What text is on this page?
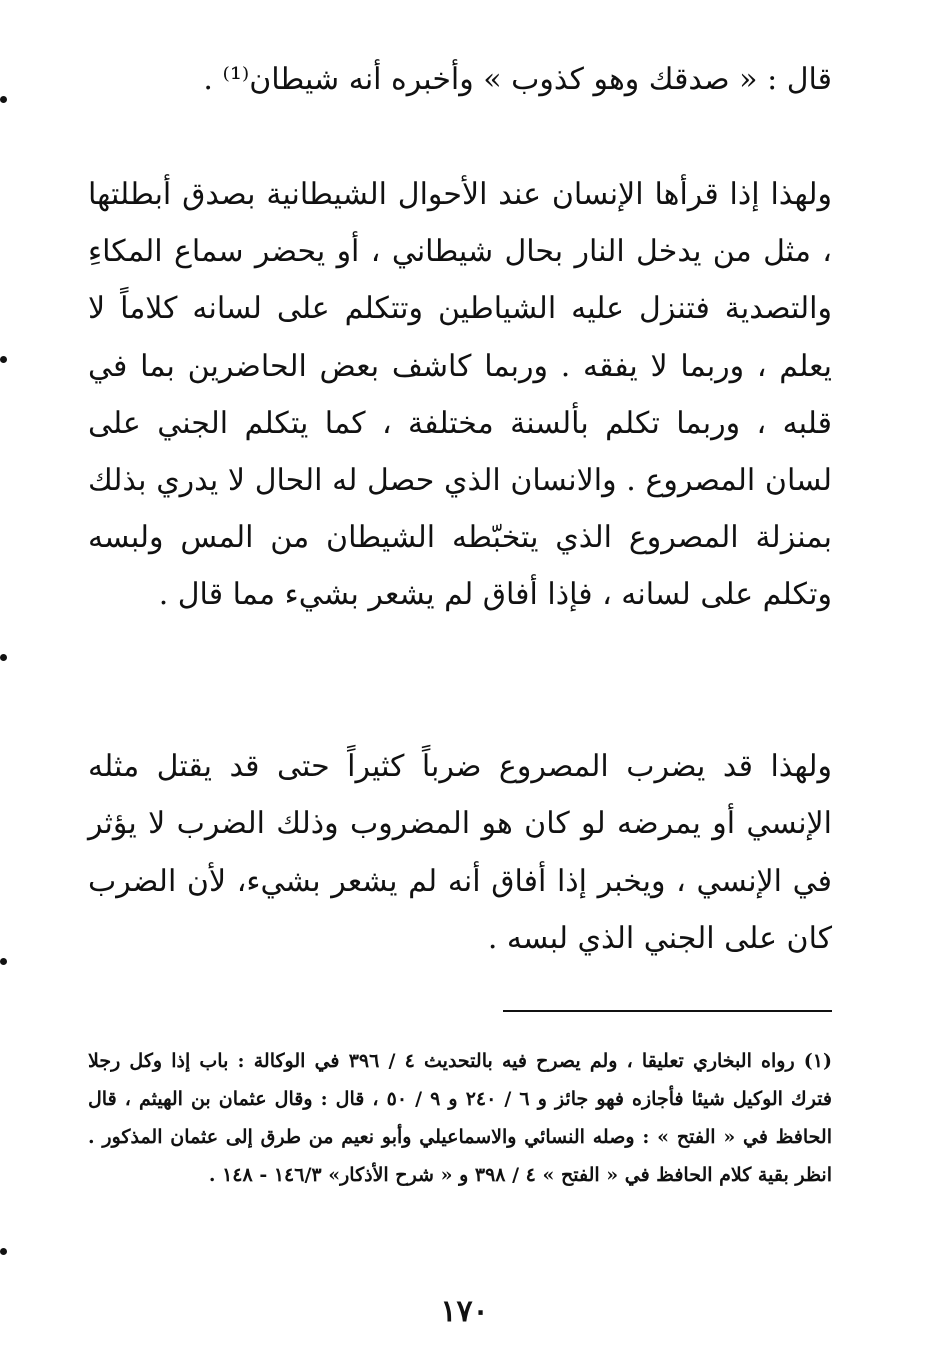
قال : « صدقك وهو كذوب » وأخبره أنه شيطان⁽¹⁾ .

ولهذا إذا قرأها الإنسان عند الأحوال الشيطانية بصدق أبطلتها ، مثل من يدخل النار بحال شيطاني ، أو يحضر سماع المكاءِ والتصدية فتنزل عليه الشياطين وتتكلم على لسانه كلاماً لا يعلم ، وربما لا يفقه . وربما كاشف بعض الحاضرين بما في قلبه ، وربما تكلم بألسنة مختلفة ، كما يتكلم الجني على لسان المصروع . والانسان الذي حصل له الحال لا يدري بذلك بمنزلة المصروع الذي يتخبّطه الشيطان من المس ولبسه وتكلم على لسانه ، فإذا أفاق لم يشعر بشيء مما قال .

ولهذا قد يضرب المصروع ضرباً كثيراً حتى قد يقتل مثله الإنسي أو يمرضه لو كان هو المضروب وذلك الضرب لا يؤثر في الإنسي ، ويخبر إذا أفاق أنه لم يشعر بشيء، لأن الضرب كان على الجني الذي لبسه .

(١) رواه البخاري تعليقا ، ولم يصرح فيه بالتحديث ٤ / ٣٩٦ في الوكالة : باب إذا وكل رجلا فترك الوكيل شيئا فأجازه فهو جائز و ٦ / ٢٤٠ و ٩ / ٥٠ ، قال : وقال عثمان بن الهيثم ، قال الحافظ في « الفتح » : وصله النسائي والاسماعيلي وأبو نعيم من طرق إلى عثمان المذكور . انظر بقية كلام الحافظ في « الفتح » ٤ / ٣٩٨ و « شرح الأذكار» ١٤٦/٣ - ١٤٨ .

١٧٠
